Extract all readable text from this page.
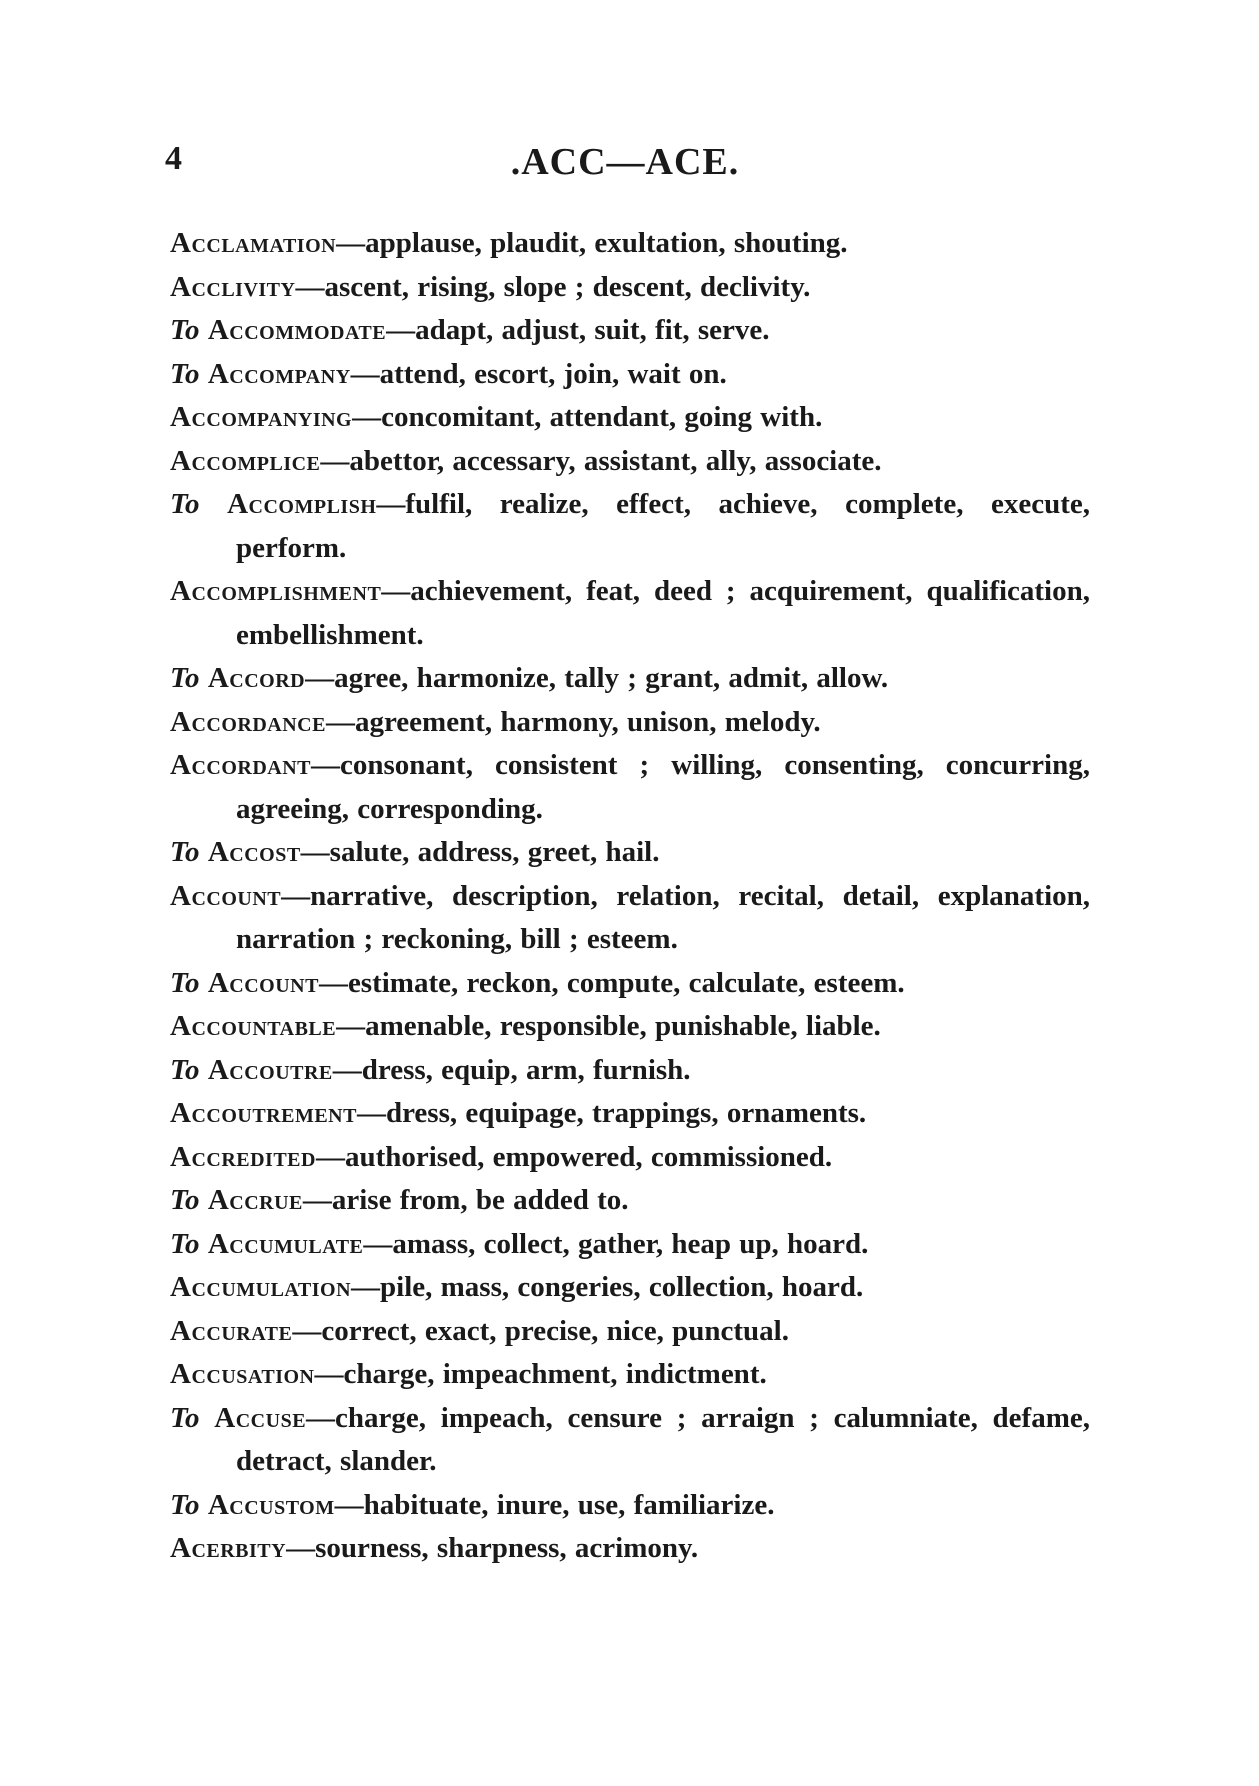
4	.ACC—ACE.
Acclamation—applause, plaudit, exultation, shouting.
Acclivity—ascent, rising, slope ; descent, declivity.
To Accommodate—adapt, adjust, suit, fit, serve.
To Accompany—attend, escort, join, wait on.
Accompanying—concomitant, attendant, going with.
Accomplice—abettor, accessary, assistant, ally, associate.
To Accomplish—fulfil, realize, effect, achieve, complete, execute, perform.
Accomplishment—achievement, feat, deed ; acquirement, qualification, embellishment.
To Accord—agree, harmonize, tally ; grant, admit, allow.
Accordance—agreement, harmony, unison, melody.
Accordant—consonant, consistent ; willing, consenting, concurring, agreeing, corresponding.
To Accost—salute, address, greet, hail.
Account—narrative, description, relation, recital, detail, explanation, narration ; reckoning, bill ; esteem.
To Account—estimate, reckon, compute, calculate, esteem.
Accountable—amenable, responsible, punishable, liable.
To Accoutre—dress, equip, arm, furnish.
Accoutrement—dress, equipage, trappings, ornaments.
Accredited—authorised, empowered, commissioned.
To Accrue—arise from, be added to.
To Accumulate—amass, collect, gather, heap up, hoard.
Accumulation—pile, mass, congeries, collection, hoard.
Accurate—correct, exact, precise, nice, punctual.
Accusation—charge, impeachment, indictment.
To Accuse—charge, impeach, censure ; arraign ; calumniate, defame, detract, slander.
To Accustom—habituate, inure, use, familiarize.
Acerbity—sourness, sharpness, acrimony.
